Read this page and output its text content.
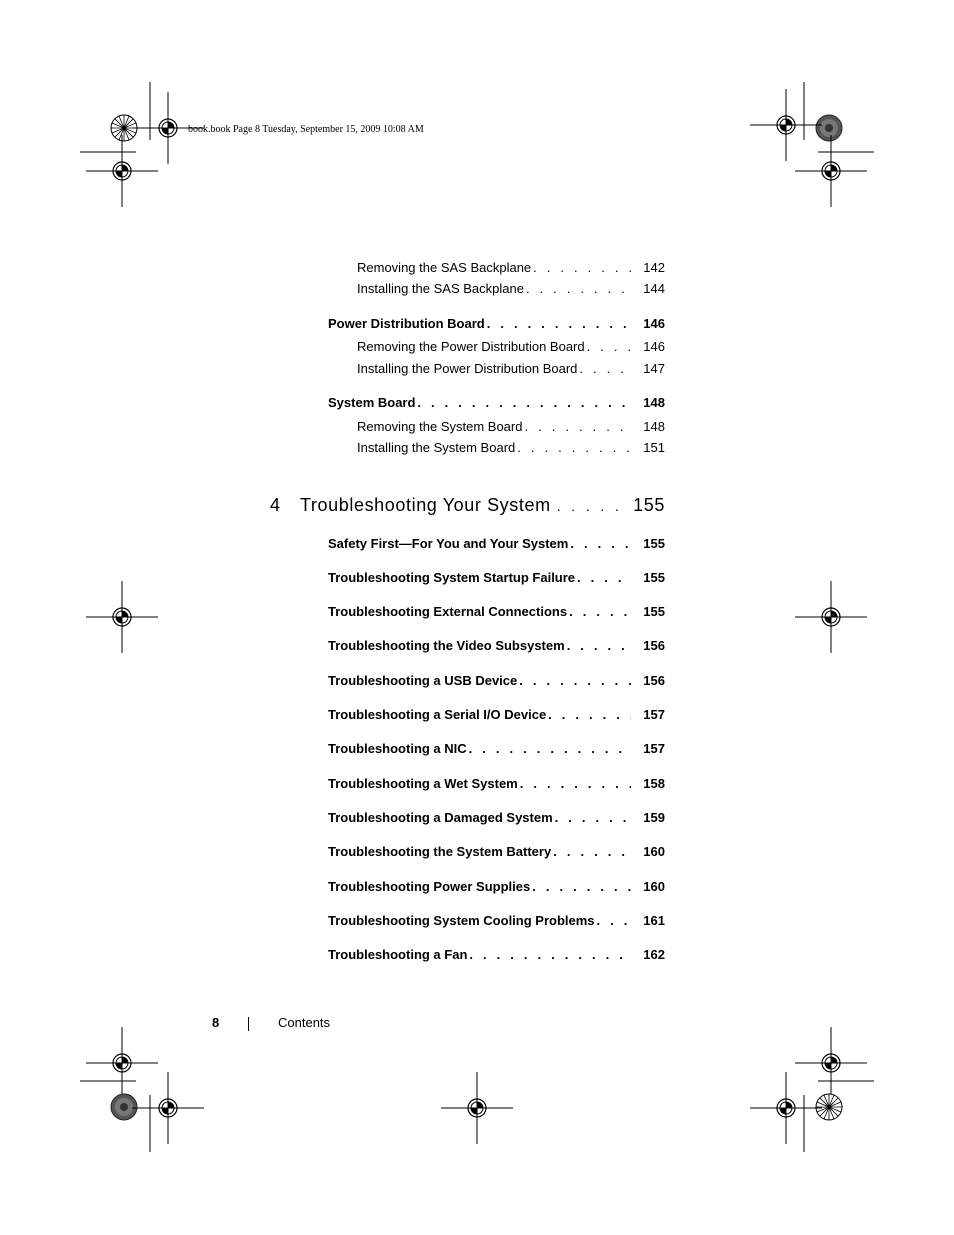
book.book Page 8 Tuesday, September 15, 2009 10:08 AM
Removing the SAS Backplane . . .	142
Installing the SAS Backplane . . .	144
Power Distribution Board . . .	146
Removing the Power Distribution Board . . .	146
Installing the Power Distribution Board . . .	147
System Board . . .	148
Removing the System Board . . .	148
Installing the System Board . . .	151
4	Troubleshooting Your System . . .	155
Safety First—For You and Your System . . .	155
Troubleshooting System Startup Failure . . .	155
Troubleshooting External Connections . . .	155
Troubleshooting the Video Subsystem . . .	156
Troubleshooting a USB Device . . .	156
Troubleshooting a Serial I/O Device . . .	157
Troubleshooting a NIC . . .	157
Troubleshooting a Wet System . . .	158
Troubleshooting a Damaged System . . .	159
Troubleshooting the System Battery . . .	160
Troubleshooting Power Supplies . . .	160
Troubleshooting System Cooling Problems . . .	161
Troubleshooting a Fan . . .	162
8	Contents
